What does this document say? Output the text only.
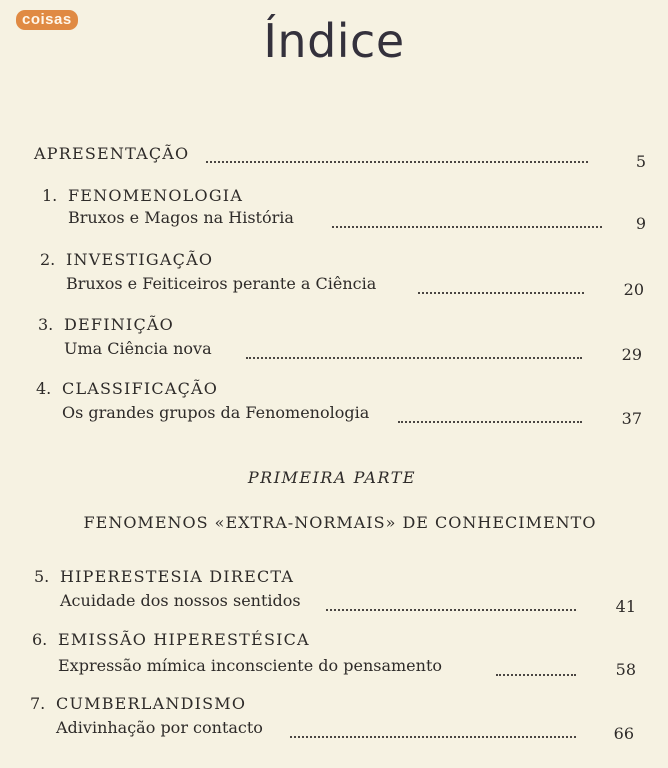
coisas	Índice
APRESENTAÇÃO	5
1. FENOMENOLOGIA
Bruxos e Magos na História	9
2. INVESTIGAÇÃO
Bruxos e Feiticeiros perante a Ciência	20
3. DEFINIÇÃO
Uma Ciência nova	29
4. CLASSIFICAÇÃO
Os grandes grupos da Fenomenologia	37
PRIMEIRA PARTE
FENOMENOS «EXTRA-NORMAIS» DE CONHECIMENTO
5. HIPERESTESIA DIRECTA
Acuidade dos nossos sentidos	41
6. EMISSÃO HIPERESTÉSICA
Expressão mímica inconsciente do pensamento	58
7. CUMBERLANDISMO
Adivinhação por contacto	66
